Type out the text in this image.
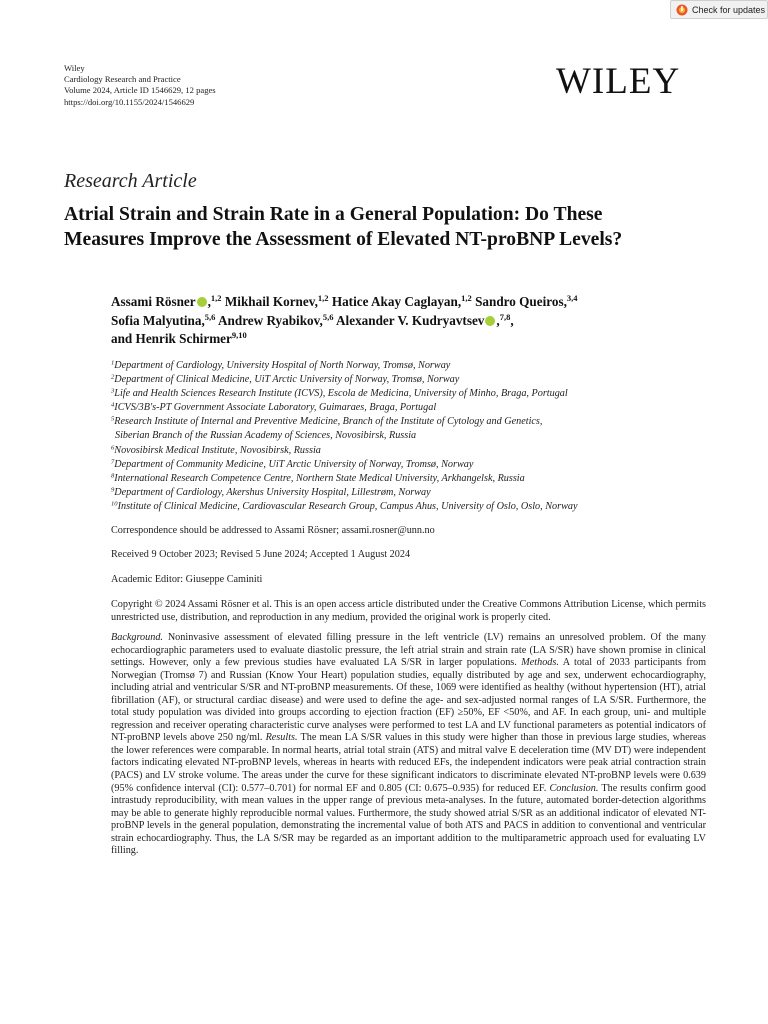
Check for updates
Wiley
Cardiology Research and Practice
Volume 2024, Article ID 1546629, 12 pages
https://doi.org/10.1155/2024/1546629	WILEY
Research Article
Atrial Strain and Strain Rate in a General Population: Do These
Measures Improve the Assessment of Elevated NT-proBNP Levels?
Assami Rösner ,$^{1,2}$ Mikhail Kornev,$^{1,2}$ Hatice Akay Caglayan,$^{1,2}$ Sandro Queiros,$^{3,4}$
Sofia Malyutina,$^{5,6}$ Andrew Ryabikov,$^{5,6}$ Alexander V. Kudryavtsev ,$^{7,8}$,
and Henrik Schirmer$^{9,10}$
$^1$Department of Cardiology, University Hospital of North Norway, Tromsø, Norway
$^2$Department of Clinical Medicine, UiT Arctic University of Norway, Tromsø, Norway
$^3$Life and Health Sciences Research Institute (ICVS), Escola de Medicina, University of Minho, Braga, Portugal
$^4$ICVS/3B's-PT Government Associate Laboratory, Guimaraes, Braga, Portugal
$^5$Research Institute of Internal and Preventive Medicine, Branch of the Institute of Cytology and Genetics,
Siberian Branch of the Russian Academy of Sciences, Novosibirsk, Russia
$^6$Novosibirsk Medical Institute, Novosibirsk, Russia
$^7$Department of Community Medicine, UiT Arctic University of Norway, Tromsø, Norway
$^8$International Research Competence Centre, Northern State Medical University, Arkhangelsk, Russia
$^9$Department of Cardiology, Akershus University Hospital, Lillestrøm, Norway
$^{10}$Institute of Clinical Medicine, Cardiovascular Research Group, Campus Ahus, University of Oslo, Oslo, Norway
Correspondence should be addressed to Assami Rösner; assami.rosner@unn.no
Received 9 October 2023; Revised 5 June 2024; Accepted 1 August 2024
Academic Editor: Giuseppe Caminiti
Copyright © 2024 Assami Rösner et al. This is an open access article distributed under the Creative Commons Attribution License, which permits unrestricted use, distribution, and reproduction in any medium, provided the original work is properly cited.
Background. Noninvasive assessment of elevated filling pressure in the left ventricle (LV) remains an unresolved problem. Of the many echocardiographic parameters used to evaluate diastolic pressure, the left atrial strain and strain rate (LA S/SR) have shown promise in clinical settings. However, only a few previous studies have evaluated LA S/SR in larger populations. Methods. A total of 2033 participants from Norwegian (Tromsø 7) and Russian (Know Your Heart) population studies, equally distributed by age and sex, underwent echocardiography, including atrial and ventricular S/SR and NT-proBNP measurements. Of these, 1069 were identified as healthy (without hypertension (HT), atrial fibrillation (AF), or structural cardiac disease) and were used to define the age- and sex-adjusted normal ranges of LA S/SR. Furthermore, the total study population was divided into groups according to ejection fraction (EF) ≥50%, EF <50%, and AF. In each group, uni- and multiple regression and receiver operating characteristic curve analyses were performed to test LA and LV functional parameters as potential indicators of NT-proBNP levels above 250 ng/ml. Results. The mean LA S/SR values in this study were higher than those in previous large studies, whereas the lower references were comparable. In normal hearts, atrial total strain (ATS) and mitral valve E deceleration time (MV DT) were independent factors indicating elevated NT-proBNP levels, whereas in hearts with reduced EFs, the independent indicators were peak atrial contraction strain (PACS) and LV stroke volume. The areas under the curve for these significant indicators to discriminate elevated NT-proBNP levels were 0.639 (95% confidence interval (CI): 0.577–0.701) for normal EF and 0.805 (CI: 0.675–0.935) for reduced EF. Conclusion. The results confirm good intrastudy reproducibility, with mean values in the upper range of previous meta-analyses. In the future, automated border-detection algorithms may be able to generate highly reproducible normal values. Furthermore, the study showed atrial S/SR as an additional indicator of elevated NT-proBNP levels in the general population, demonstrating the incremental value of both ATS and PACS in addition to conventional and ventricular strain echocardiography. Thus, the LA S/SR may be regarded as an important addition to the multiparametric approach used for evaluating LV filling.
